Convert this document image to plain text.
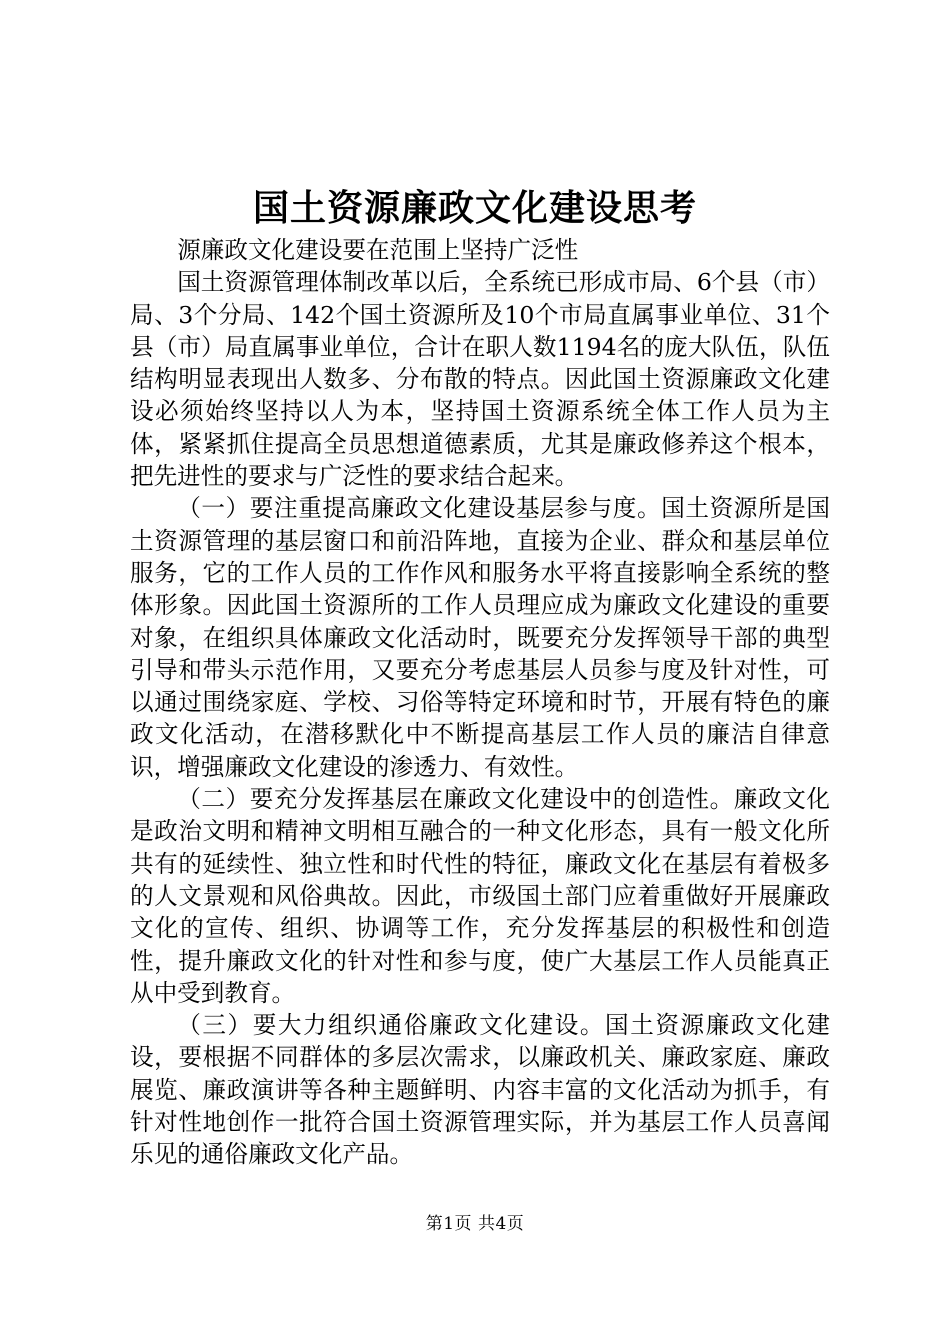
国土资源廉政文化建设思考

源廉政文化建设要在范围上坚持广泛性

国土资源管理体制改革以后，全系统已形成市局、6个县（市）局、3个分局、142个国土资源所及10个市局直属事业单位、31个县（市）局直属事业单位，合计在职人数1194名的庞大队伍，队伍结构明显表现出人数多、分布散的特点。因此国土资源廉政文化建设必须始终坚持以人为本，坚持国土资源系统全体工作人员为主体，紧紧抓住提高全员思想道德素质，尤其是廉政修养这个根本，把先进性的要求与广泛性的要求结合起来。

（一）要注重提高廉政文化建设基层参与度。国土资源所是国土资源管理的基层窗口和前沿阵地，直接为企业、群众和基层单位服务，它的工作人员的工作作风和服务水平将直接影响全系统的整体形象。因此国土资源所的工作人员理应成为廉政文化建设的重要对象，在组织具体廉政文化活动时，既要充分发挥领导干部的典型引导和带头示范作用，又要充分考虑基层人员参与度及针对性，可以通过围绕家庭、学校、习俗等特定环境和时节，开展有特色的廉政文化活动，在潜移默化中不断提高基层工作人员的廉洁自律意识，增强廉政文化建设的渗透力、有效性。

（二）要充分发挥基层在廉政文化建设中的创造性。廉政文化是政治文明和精神文明相互融合的一种文化形态，具有一般文化所共有的延续性、独立性和时代性的特征，廉政文化在基层有着极多的人文景观和风俗典故。因此，市级国土部门应着重做好开展廉政文化的宣传、组织、协调等工作，充分发挥基层的积极性和创造性，提升廉政文化的针对性和参与度，使广大基层工作人员能真正从中受到教育。

（三）要大力组织通俗廉政文化建设。国土资源廉政文化建设，要根据不同群体的多层次需求，以廉政机关、廉政家庭、廉政展览、廉政演讲等各种主题鲜明、内容丰富的文化活动为抓手，有针对性地创作一批符合国土资源管理实际，并为基层工作人员喜闻乐见的通俗廉政文化产品。

第1页 共4页
